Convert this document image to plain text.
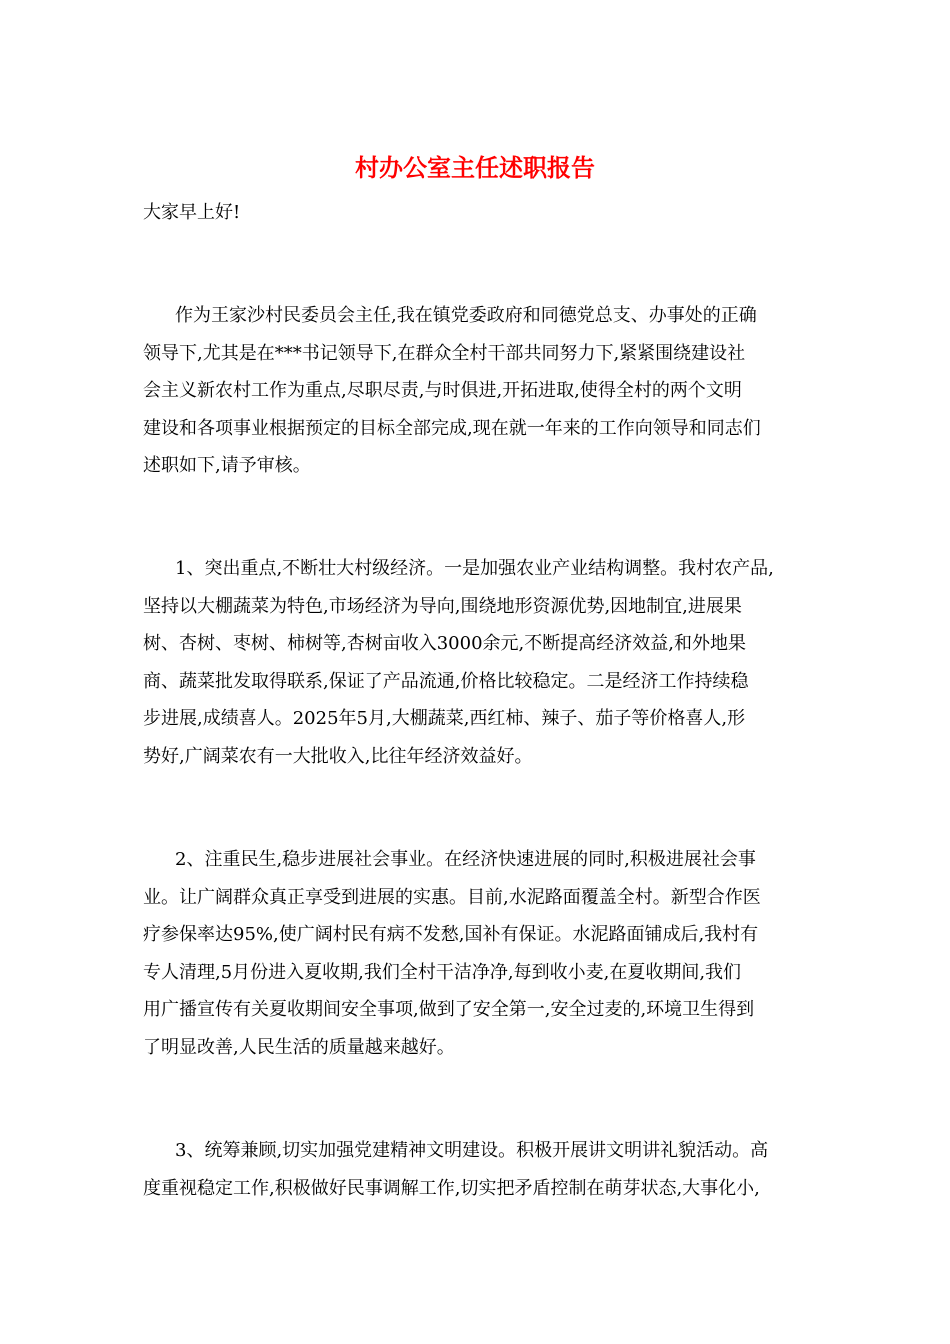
村办公室主任述职报告

大家早上好!

作为王家沙村民委员会主任,我在镇党委政府和同德党总支、办事处的正确
领导下,尤其是在***书记领导下,在群众全村干部共同努力下,紧紧围绕建设社
会主义新农村工作为重点,尽职尽责,与时俱进,开拓进取,使得全村的两个文明
建设和各项事业根据预定的目标全部完成,现在就一年来的工作向领导和同志们
述职如下,请予审核。

1、突出重点,不断壮大村级经济。一是加强农业产业结构调整。我村农产品,
坚持以大棚蔬菜为特色,市场经济为导向,围绕地形资源优势,因地制宜,进展果
树、杏树、枣树、柿树等,杏树亩收入3000余元,不断提高经济效益,和外地果
商、蔬菜批发取得联系,保证了产品流通,价格比较稳定。二是经济工作持续稳
步进展,成绩喜人。2025年5月,大棚蔬菜,西红柿、辣子、茄子等价格喜人,形
势好,广阔菜农有一大批收入,比往年经济效益好。

2、注重民生,稳步进展社会事业。在经济快速进展的同时,积极进展社会事
业。让广阔群众真正享受到进展的实惠。目前,水泥路面覆盖全村。新型合作医
疗参保率达95%,使广阔村民有病不发愁,国补有保证。水泥路面铺成后,我村有
专人清理,5月份进入夏收期,我们全村干洁净净,每到收小麦,在夏收期间,我们
用广播宣传有关夏收期间安全事项,做到了安全第一,安全过麦的,环境卫生得到
了明显改善,人民生活的质量越来越好。

3、统筹兼顾,切实加强党建精神文明建设。积极开展讲文明讲礼貌活动。高
度重视稳定工作,积极做好民事调解工作,切实把矛盾控制在萌芽状态,大事化小,
